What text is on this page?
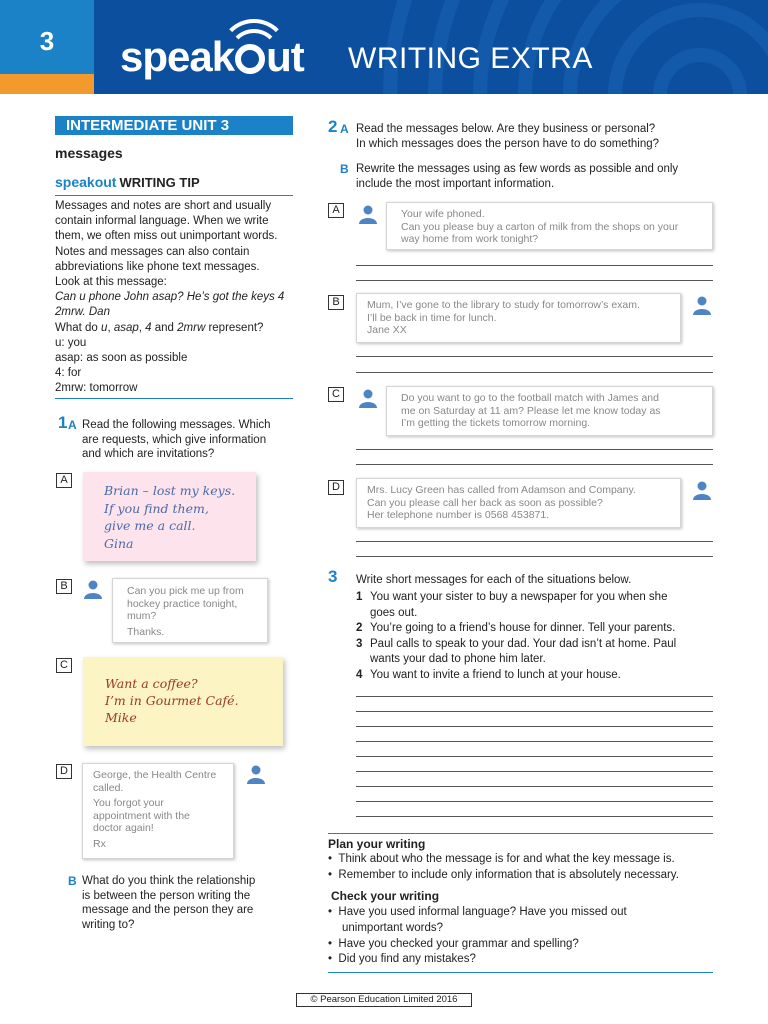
3	speak ut WRITING EXTRA
INTERMEDIATE UNIT 3
messages
speakout WRITING TIP
Messages and notes are short and usually
contain informal language. When we write
them, we often miss out unimportant words.
Notes and messages can also contain
abbreviations like phone text messages.
Look at this message:
Can u phone John asap? He’s got the keys 4
2mrw. Dan
What do u, asap, 4 and 2mrw represent?
u: you
asap: as soon as possible
4: for
2mrw: tomorrow
1 A Read the following messages. Which
are requests, which give information
and which are invitations?
A
Brian – lost my keys.
If you find them,
give me a call.
Gina
B	Can you pick me up from
hockey practice tonight,
mum?
Thanks.
C
Want a coffee?
I’m in Gourmet Café.
Mike
D	George, the Health Centre
called.
You forgot your
appointment with the
doctor again!
Rx
B What do you think the relationship
is between the person writing the
message and the person they are
writing to?
2 A Read the messages below. Are they business or personal?
In which messages does the person have to do something?
B Rewrite the messages using as few words as possible and only
include the most important information.
A	Your wife phoned.
Can you please buy a carton of milk from the shops on your
way home from work tonight?
B	Mum, I’ve gone to the library to study for tomorrow’s exam.
I’ll be back in time for lunch.
Jane XX
C	Do you want to go to the football match with James and
me on Saturday at 11 am? Please let me know today as
I’m getting the tickets tomorrow morning.
D	Mrs. Lucy Green has called from Adamson and Company.
Can you please call her back as soon as possible?
Her telephone number is 0568 453871.
3 Write short messages for each of the situations below.
1 You want your sister to buy a newspaper for you when she
goes out.
2 You’re going to a friend’s house for dinner. Tell your parents.
3 Paul calls to speak to your dad. Your dad isn’t at home. Paul
wants your dad to phone him later.
4 You want to invite a friend to lunch at your house.
Plan your writing
•  Think about who the message is for and what the key message is.
•  Remember to include only information that is absolutely necessary.
Check your writing
•  Have you used informal language? Have you missed out
unimportant words?
•  Have you checked your grammar and spelling?
•  Did you find any mistakes?
© Pearson Education Limited 2016
